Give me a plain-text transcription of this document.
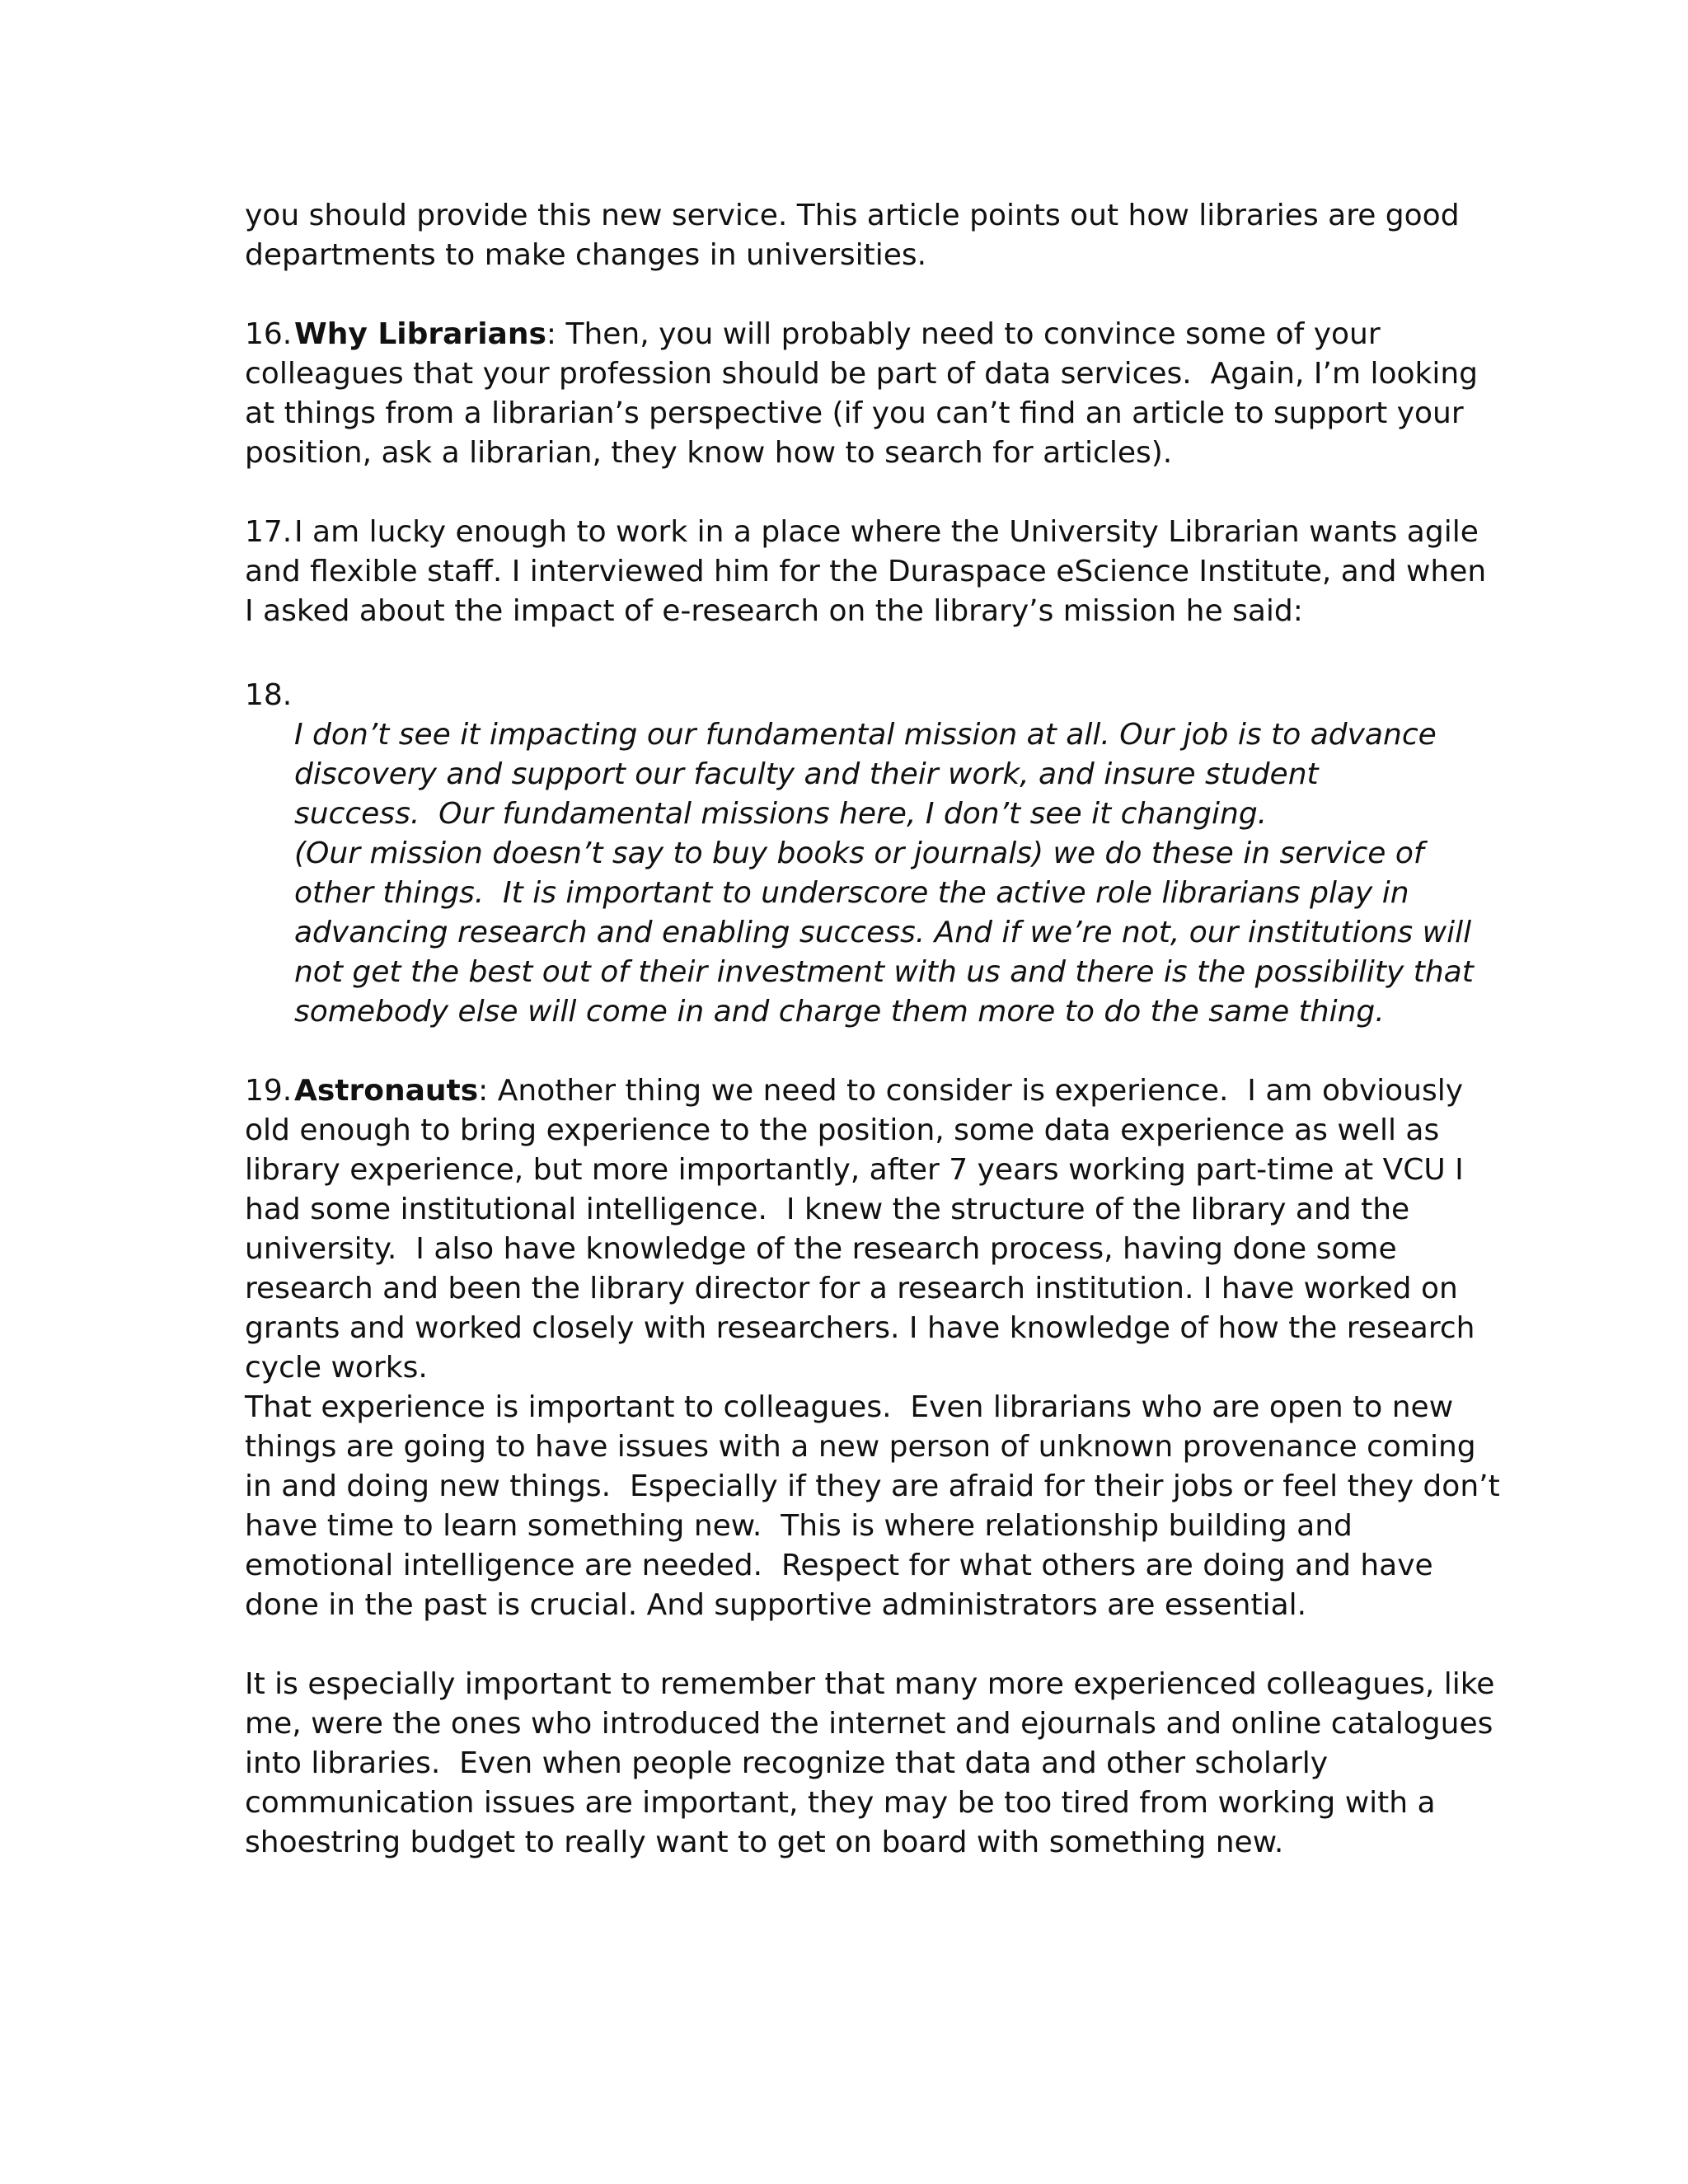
you should provide this new service. This article points out how libraries are good
departments to make changes in universities.
16.Why Librarians: Then, you will probably need to convince some of your
colleagues that your profession should be part of data services.  Again, I’m looking
at things from a librarian’s perspective (if you can’t find an article to support your
position, ask a librarian, they know how to search for articles).
17.I am lucky enough to work in a place where the University Librarian wants agile
and flexible staff. I interviewed him for the Duraspace eScience Institute, and when
I asked about the impact of e-research on the library’s mission he said:
18.
I don’t see it impacting our fundamental mission at all. Our job is to advance
discovery and support our faculty and their work, and insure student
success.  Our fundamental missions here, I don’t see it changing.
(Our mission doesn’t say to buy books or journals) we do these in service of
other things.  It is important to underscore the active role librarians play in
advancing research and enabling success. And if we’re not, our institutions will
not get the best out of their investment with us and there is the possibility that
somebody else will come in and charge them more to do the same thing.
19.Astronauts: Another thing we need to consider is experience.  I am obviously
old enough to bring experience to the position, some data experience as well as
library experience, but more importantly, after 7 years working part-time at VCU I
had some institutional intelligence.  I knew the structure of the library and the
university.  I also have knowledge of the research process, having done some
research and been the library director for a research institution. I have worked on
grants and worked closely with researchers. I have knowledge of how the research
cycle works.
That experience is important to colleagues.  Even librarians who are open to new
things are going to have issues with a new person of unknown provenance coming
in and doing new things.  Especially if they are afraid for their jobs or feel they don’t
have time to learn something new.  This is where relationship building and
emotional intelligence are needed.  Respect for what others are doing and have
done in the past is crucial. And supportive administrators are essential.
It is especially important to remember that many more experienced colleagues, like
me, were the ones who introduced the internet and ejournals and online catalogues
into libraries.  Even when people recognize that data and other scholarly
communication issues are important, they may be too tired from working with a
shoestring budget to really want to get on board with something new.
